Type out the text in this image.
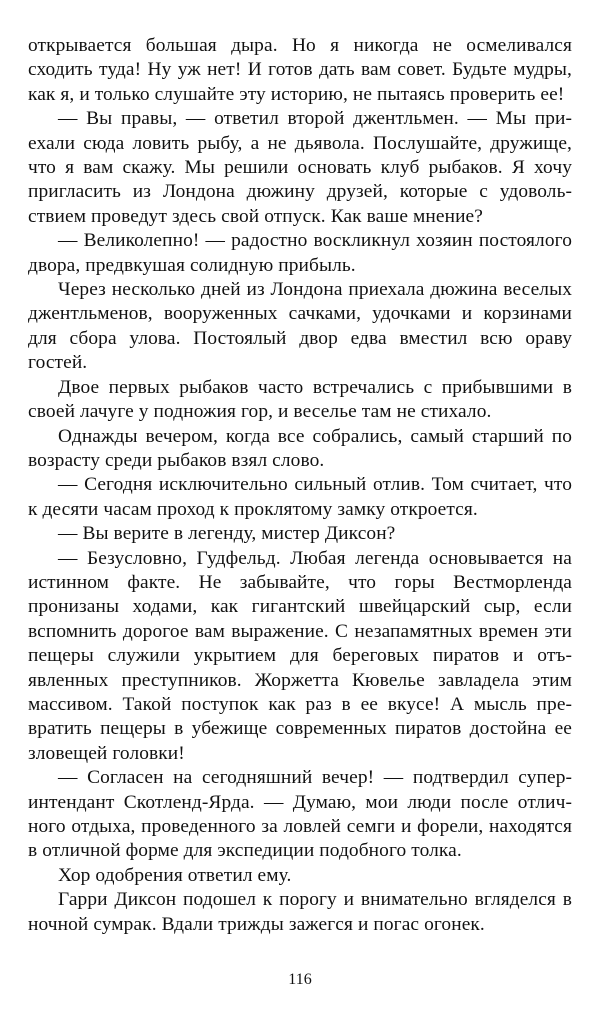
открывается большая дыра. Но я никогда не осмеливался сходить туда! Ну уж нет! И готов дать вам совет. Будьте мудры, как я, и только слушайте эту историю, не пытаясь проверить ее!

— Вы правы, — ответил второй джентльмен. — Мы приехали сюда ловить рыбу, а не дьявола. Послушайте, дружище, что я вам скажу. Мы решили основать клуб рыбаков. Я хочу пригласить из Лондона дюжину друзей, которые с удовольствием проведут здесь свой отпуск. Как ваше мнение?

— Великолепно! — радостно воскликнул хозяин постоялого двора, предвкушая солидную прибыль.

Через несколько дней из Лондона приехала дюжина веселых джентльменов, вооруженных сачками, удочками и корзинами для сбора улова. Постоялый двор едва вместил всю ораву гостей.

Двое первых рыбаков часто встречались с прибывшими в своей лачуге у подножия гор, и веселье там не стихало.

Однажды вечером, когда все собрались, самый старший по возрасту среди рыбаков взял слово.

— Сегодня исключительно сильный отлив. Том считает, что к десяти часам проход к проклятому замку откроется.

— Вы верите в легенду, мистер Диксон?

— Безусловно, Гудфельд. Любая легенда основывается на истинном факте. Не забывайте, что горы Вестморленда пронизаны ходами, как гигантский швейцарский сыр, если вспомнить дорогое вам выражение. С незапамятных времен эти пещеры служили укрытием для береговых пиратов и отъявленных преступников. Жоржетта Кювелье завладела этим массивом. Такой поступок как раз в ее вкусе! А мысль превратить пещеры в убежище современных пиратов достойна ее зловещей головки!

— Согласен на сегодняшний вечер! — подтвердил суперинтендант Скотленд-Ярда. — Думаю, мои люди после отличного отдыха, проведенного за ловлей семги и форели, находятся в отличной форме для экспедиции подобного толка.

Хор одобрения ответил ему.

Гарри Диксон подошел к порогу и внимательно вгляделся в ночной сумрак. Вдали трижды зажегся и погас огонек.

116
